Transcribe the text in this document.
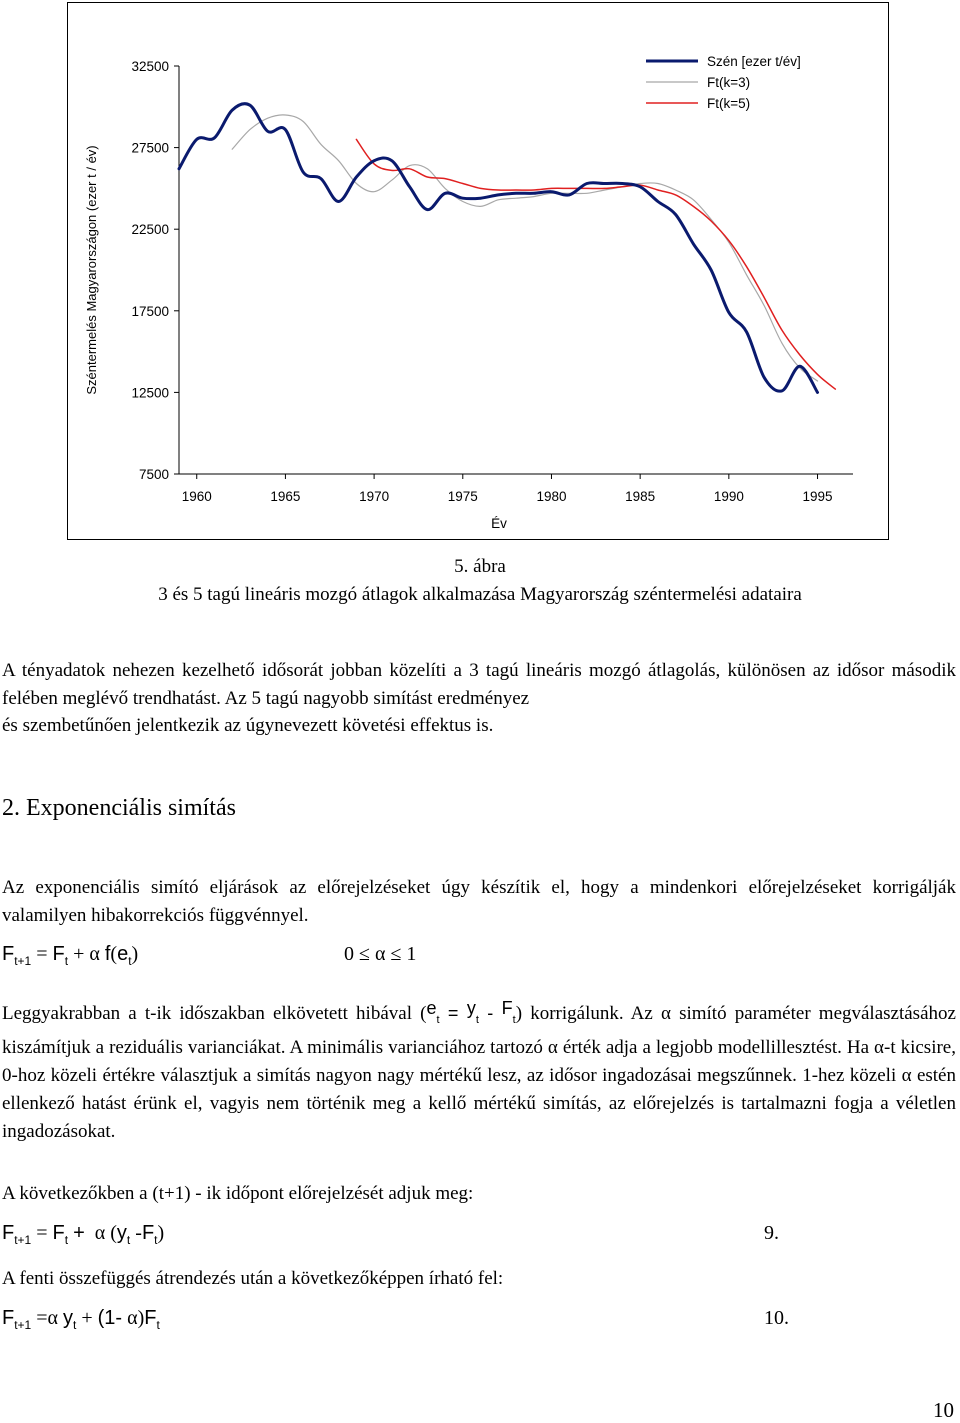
32500
27500
22500
17500
12500
7500
1960	1965	1970	1975	1980	1985	1990	1995
Szén [ezer t/év]
Ft(k=3)
Ft(k=5)
Széntermelés Magyarországon (ezer t / év)
Év
5. ábra
3 és 5 tagú lineáris mozgó átlagok alkalmazása Magyarország széntermelési adataira
A tényadatok nehezen kezelhető idősorát jobban közelíti a 3 tagú lineáris mozgó átlagolás, különösen az idősor második felében meglévő trendhatást. Az 5 tagú nagyobb simítást eredményez
és szembetűnően jelentkezik az úgynevezett követési effektus is.
2. Exponenciális simítás
Az exponenciális simító eljárások az előrejelzéseket úgy készítik el, hogy a mindenkori előrejelzéseket korrigálják valamilyen hibakorrekciós függvénnyel.
$F_{t+1} = F_t + \alpha$ $f(e_t)$	0 ≤ α ≤ 1
Leggyakrabban a t-ik időszakban elkövetett hibával $(e_t = y_t - F_t)$ korrigálunk. Az α simító paraméter megválasztásához kiszámítjuk a reziduális varianciákat. A minimális varianciához tartozó α érték adja a legjobb modellillesztést. Ha α-t kicsire, 0-hoz közeli értékre választjuk a simítás nagyon nagy mértékű lesz, az idősor ingadozásai megszűnnek. 1-hez közeli α estén ellenkező hatást érünk el, vagyis nem történik meg a kellő mértékű simítás, az előrejelzés is tartalmazni fogja a véletlen ingadozásokat.
A következőkben a (t+1) - ik időpont előrejelzését adjuk meg:
$F_{t+1} = F_t + \alpha$ ($y_t$ $-F_t$)	9.
A fenti összefüggés átrendezés után a következőképpen írható fel:
$F_{t+1} =\alpha$ $y_t + (1-$ $\alpha)F_t$	10.
10
